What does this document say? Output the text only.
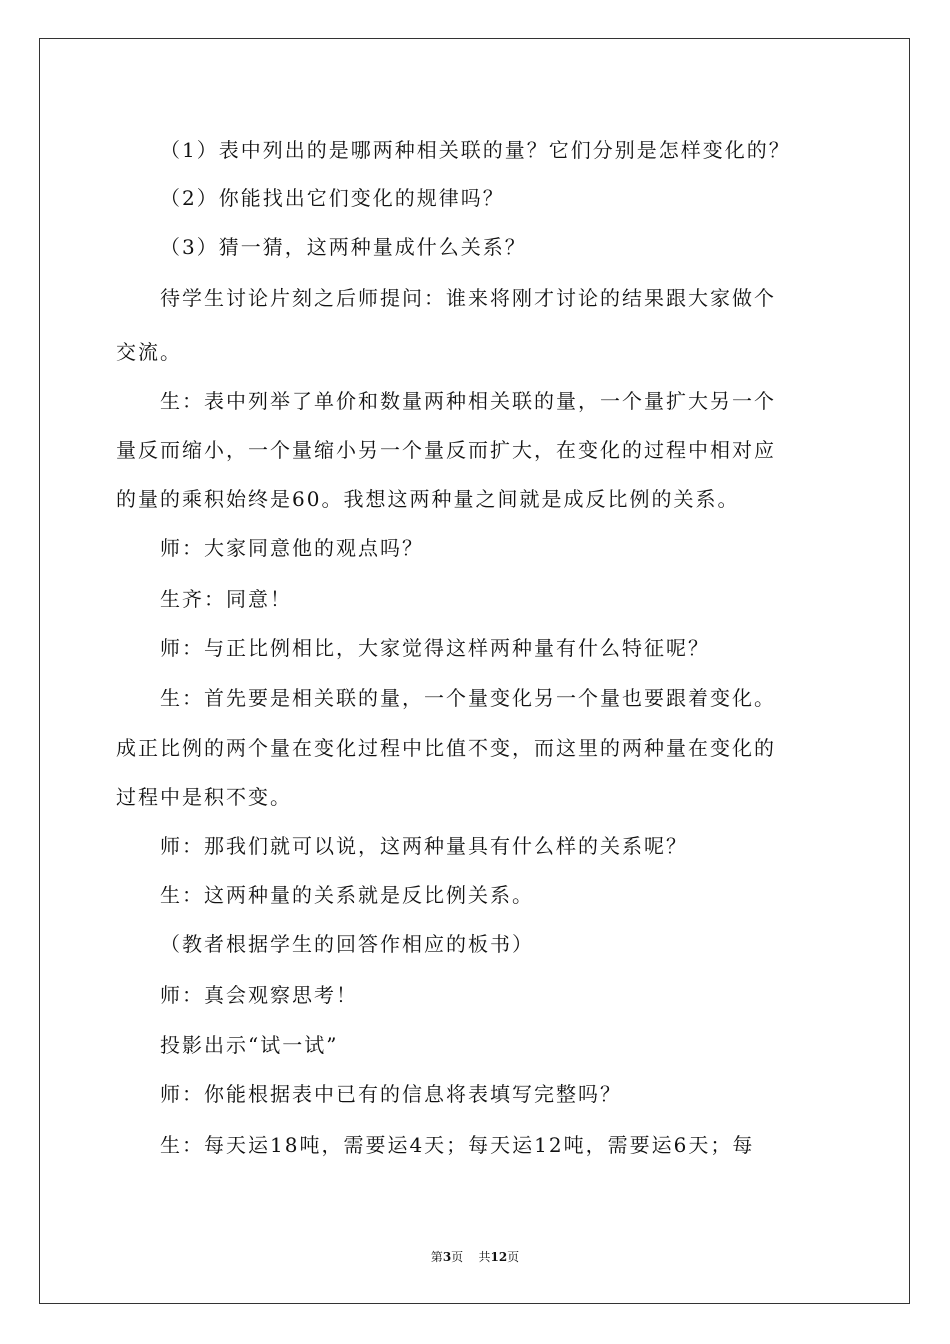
（1）表中列出的是哪两种相关联的量？它们分别是怎样变化的？
（2）你能找出它们变化的规律吗？
（3）猜一猜，这两种量成什么关系？
待学生讨论片刻之后师提问：谁来将刚才讨论的结果跟大家做个
交流。
生：表中列举了单价和数量两种相关联的量，一个量扩大另一个
量反而缩小，一个量缩小另一个量反而扩大，在变化的过程中相对应
的量的乘积始终是60。我想这两种量之间就是成反比例的关系。
师：大家同意他的观点吗？
生齐：同意！
师：与正比例相比，大家觉得这样两种量有什么特征呢？
生：首先要是相关联的量，一个量变化另一个量也要跟着变化。
成正比例的两个量在变化过程中比值不变，而这里的两种量在变化的
过程中是积不变。
师：那我们就可以说，这两种量具有什么样的关系呢？
生：这两种量的关系就是反比例关系。
（教者根据学生的回答作相应的板书）
师：真会观察思考！
投影出示“试一试”
师：你能根据表中已有的信息将表填写完整吗？
生：每天运18吨，需要运4天；每天运12吨，需要运6天；每
第3页 共12页
